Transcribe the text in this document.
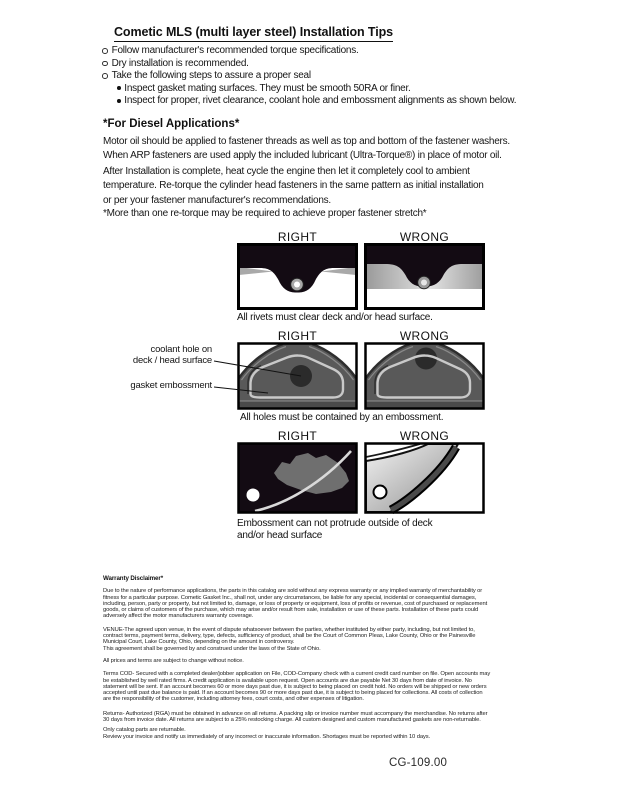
Cometic MLS (multi layer steel) Installation Tips
Follow manufacturer's recommended torque specifications.
Dry installation is recommended.
Take the following steps to assure a proper seal
Inspect gasket mating surfaces. They must be smooth 50RA or finer.
Inspect for proper, rivet clearance, coolant hole and embossment alignments as shown below.
*For Diesel Applications*
Motor oil should be applied to fastener threads as well as top and bottom of the fastener washers.
When ARP fasteners are used apply the included lubricant (Ultra-Torque®) in place of motor oil.
After Installation is complete, heat cycle the engine then let it completely cool to ambient
temperature. Re-torque the cylinder head fasteners in the same pattern as initial installation
or per your fastener manufacturer's recommendations.
*More than one re-torque may be required to achieve proper fastener stretch*
RIGHT	WRONG
All rivets must clear deck and/or head surface.
coolant hole on
deck / head surface
gasket embossment
RIGHT	WRONG
All holes must be contained by an embossment.
RIGHT	WRONG
Embossment can not protrude outside of deck
and/or head surface

Warranty Disclaimer*

Due to the nature of performance applications, the parts in this catalog are sold without any express warranty or any implied warranty of merchantability or
fitness for a particular purpose. Cometic Gasket Inc., shall not, under any circumstances, be liable for any special, incidental or consequential damages,
including, person, party or property, but not limited to, damage, or loss of property or equipment, loss of profits or revenue, cost of purchased or replacement
goods, or claims of customers of the purchase, which may arise and/or result from sale, installation or use of these parts. Installation of these parts could
adversely affect the motor manufacturers warranty coverage.
VENUE-The agreed upon venue, in the event of dispute whatsoever between the parties, whether instituted by either party, including, but not limited to,
contract terms, payment terms, delivery, type, defects, sufficiency of product, shall be the Court of Common Pleas, Lake County, Ohio or the Painesville
Municipal Court, Lake County, Ohio, depending on the amount in controversy.
This agreement shall be governed by and construed under the laws of the State of Ohio.
All prices and terms are subject to change without notice.
Terms COD- Secured with a completed dealer/jobber application on File, COD-Company check with a current credit card number on file. Open accounts may
be established by well rated firms. A credit application is available upon request. Open accounts are due payable Net 30 days from date of invoice. No
statement will be sent. If an account becomes 60 or more days past due, it is subject to being placed on credit hold. No orders will be shipped or new orders
accepted until past due balance is paid. If an account becomes 90 or more days past due, it is subject to being placed for collections. All costs of collection
are the responsibility of the customer, including attorney fees, court costs, and other expenses of litigation.
Returns- Authorized (RGA) must be obtained in advance on all returns. A packing slip or invoice number must accompany the merchandise. No returns after
30 days from invoice date. All returns are subject to a 25% restocking charge. All custom designed and custom manufactured gaskets are non-returnable.
Only catalog parts are returnable.
Review your invoice and notify us immediately of any incorrect or inaccurate information. Shortages must be reported within 10 days.
CG-109.00
